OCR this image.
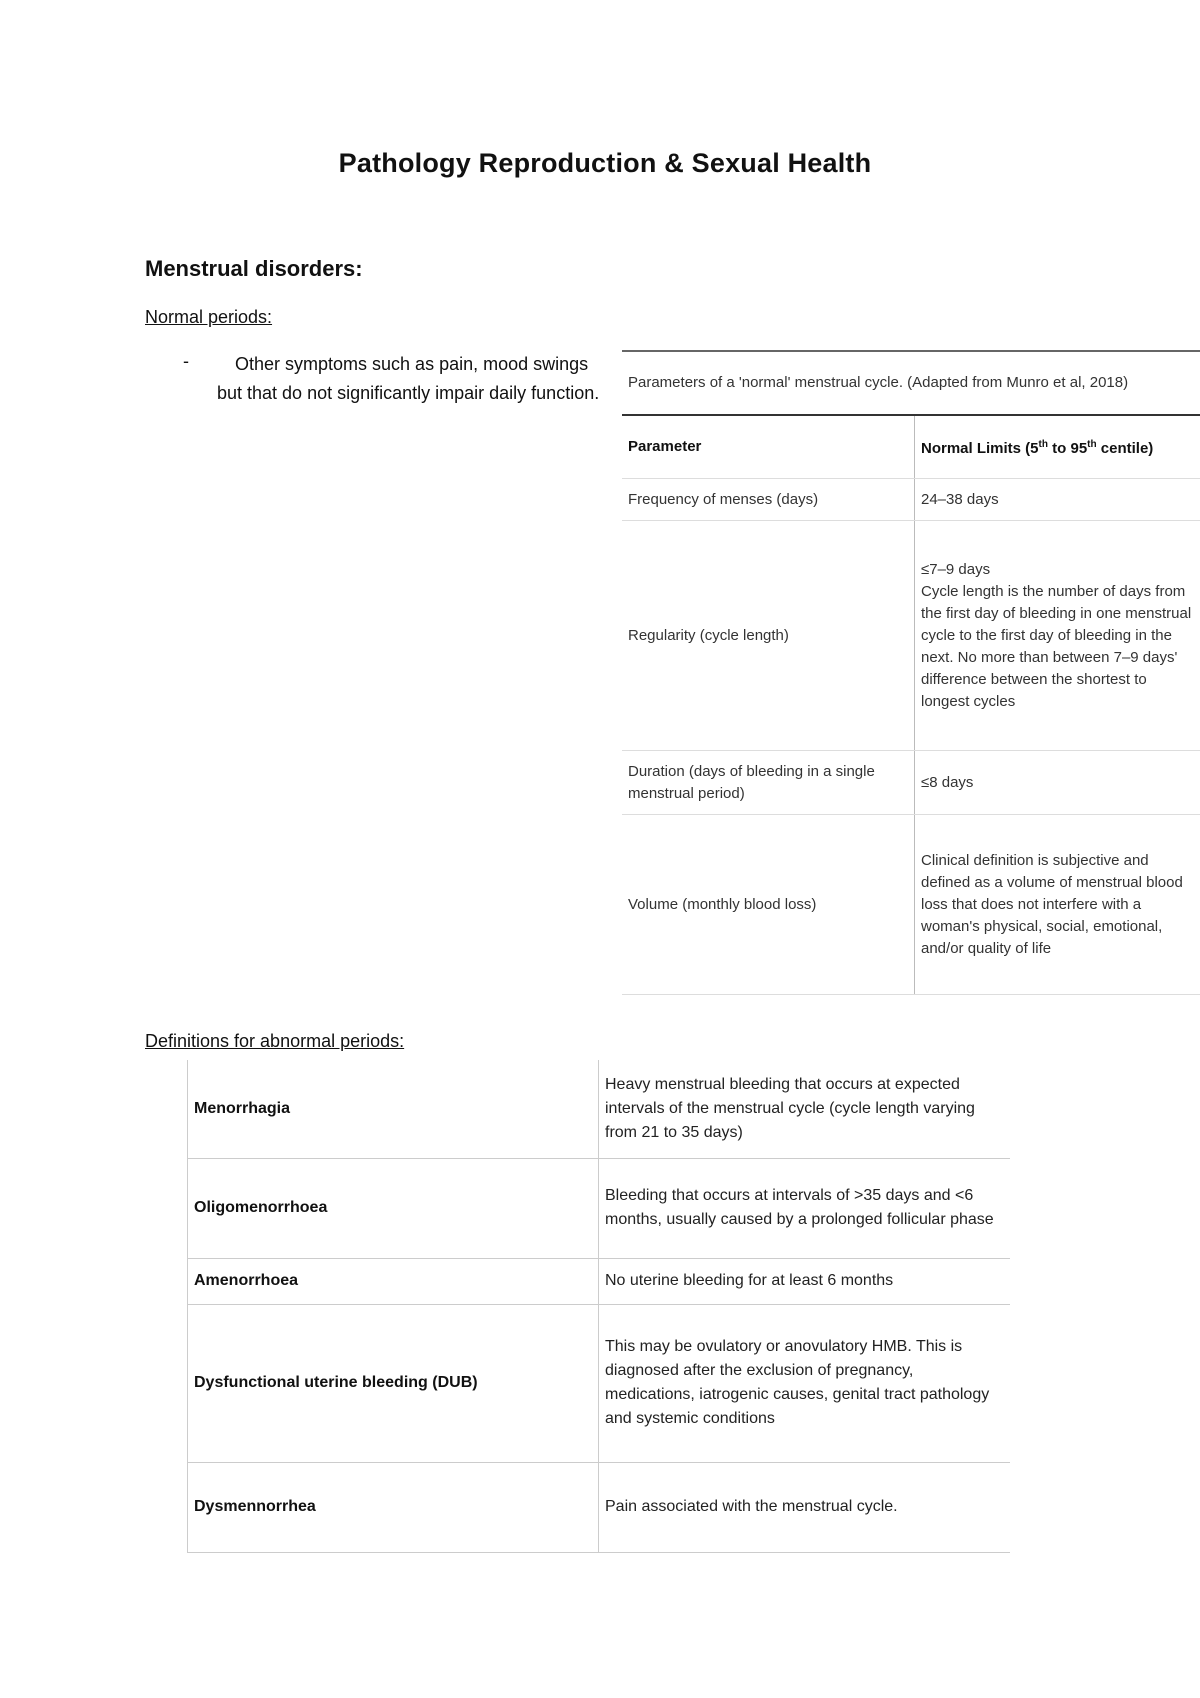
Pathology Reproduction & Sexual Health
Menstrual disorders:
Normal periods:
-	Other symptoms such as pain, mood swings but that do not significantly impair daily function.
Parameters of a 'normal' menstrual cycle. (Adapted from Munro et al, 2018)	
Parameter	Normal Limits (5th to 95th centile)
Frequency of menses (days)	24–38 days
Regularity (cycle length)	≤7–9 days
Cycle length is the number of days from the first day of bleeding in one menstrual cycle to the first day of bleeding in the next. No more than between 7–9 days' difference between the shortest to longest cycles

Duration (days of bleeding in a single menstrual period)	≤8 days
Volume (monthly blood loss)	Clinical definition is subjective and defined as a volume of menstrual blood loss that does not interfere with a woman's physical, social, emotional, and/or quality of life
Definitions for abnormal periods:
Menorrhagia	Heavy menstrual bleeding that occurs at expected intervals of the menstrual cycle (cycle length varying from 21 to 35 days)
Oligomenorrhoea	Bleeding that occurs at intervals of >35 days and <6 months, usually caused by a prolonged follicular phase
Amenorrhoea	No uterine bleeding for at least 6 months
Dysfunctional uterine bleeding (DUB)	This may be ovulatory or anovulatory HMB. This is diagnosed after the exclusion of pregnancy, medications, iatrogenic causes, genital tract pathology and systemic conditions
Dysmennorrhea	Pain associated with the menstrual cycle.
